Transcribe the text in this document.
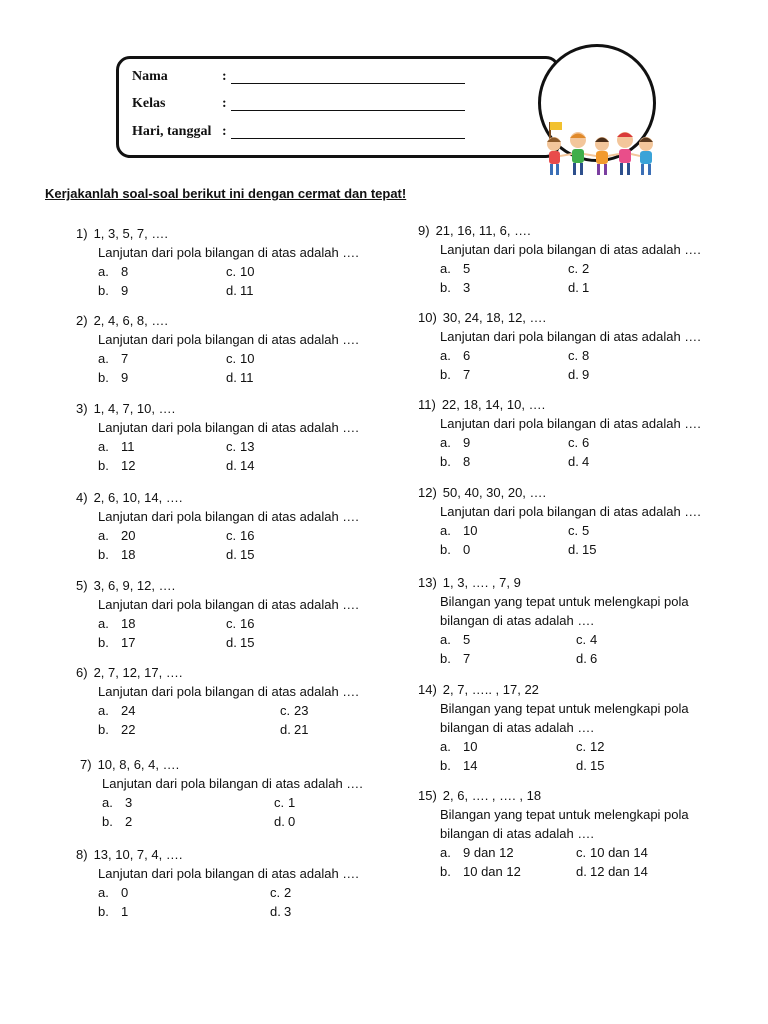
Nama	:
Kelas	:
Hari, tanggal :
Kerjakanlah soal-soal berikut ini dengan cermat dan tepat!
1) 1, 3, 5, 7, ….
Lanjutan dari pola bilangan di atas adalah ….
a. 8	c. 10
b. 9	d. 11
2) 2, 4, 6, 8, ….
Lanjutan dari pola bilangan di atas adalah ….
a. 7	c. 10
b. 9	d. 11
3) 1, 4, 7, 10, ….
Lanjutan dari pola bilangan di atas adalah ….
a. 11	c. 13
b. 12	d. 14
4) 2, 6, 10, 14, ….
Lanjutan dari pola bilangan di atas adalah ….
a. 20	c. 16
b. 18	d. 15
5) 3, 6, 9, 12, ….
Lanjutan dari pola bilangan di atas adalah ….
a. 18	c. 16
b. 17	d. 15
6) 2, 7, 12, 17, ….
Lanjutan dari pola bilangan di atas adalah ….
a. 24	c. 23
b. 22	d. 21
7) 10, 8, 6, 4, ….
Lanjutan dari pola bilangan di atas adalah ….
a. 3	c. 1
b. 2	d. 0
8) 13, 10, 7, 4, ….
Lanjutan dari pola bilangan di atas adalah ….
a. 0	c. 2
b. 1	d. 3
9) 21, 16, 11, 6, ….
Lanjutan dari pola bilangan di atas adalah ….
a. 5	c. 2
b. 3	d. 1
10) 30, 24, 18, 12, ….
Lanjutan dari pola bilangan di atas adalah ….
a. 6	c. 8
b. 7	d. 9
11) 22, 18, 14, 10, ….
Lanjutan dari pola bilangan di atas adalah ….
a. 9	c. 6
b. 8	d. 4
12) 50, 40, 30, 20, ….
Lanjutan dari pola bilangan di atas adalah ….
a. 10	c. 5
b. 0	d. 15
13) 1, 3, …. , 7, 9
Bilangan yang tepat untuk melengkapi pola
bilangan di atas adalah ….
a. 5	c. 4
b. 7	d. 6
14) 2, 7, ….. , 17, 22
Bilangan yang tepat untuk melengkapi pola
bilangan di atas adalah ….
a. 10	c. 12
b. 14	d. 15
15) 2, 6, …. , …. , 18
Bilangan yang tepat untuk melengkapi pola
bilangan di atas adalah ….
a. 9 dan 12	c. 10 dan 14
b. 10 dan 12	d. 12 dan 14
